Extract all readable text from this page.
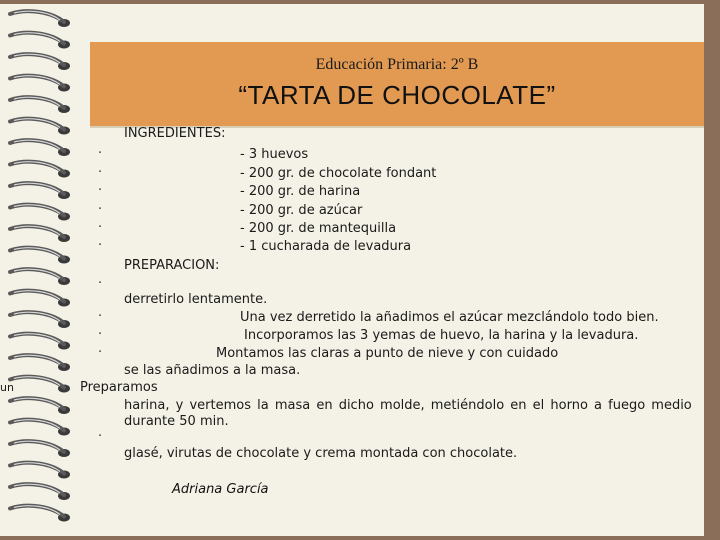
Educación Primaria: 2º B
“TARTA DE CHOCOLATE”
INGREDIENTES:
·
·
·
·
·
·
- 3 huevos
- 200 gr. de chocolate fondant
- 200 gr. de harina
- 200 gr. de azúcar
- 200 gr. de mantequilla
- 1 cucharada de levadura
PREPARACION:
·
derretirlo lentamente.
·	Una vez derretido la añadimos el azúcar mezclándolo todo bien.
·	Incorporamos las 3 yemas de huevo, la harina y la levadura.
·	Montamos las claras a punto de nieve y con cuidado
se las añadimos a la masa.
un	Preparamos
harina, y vertemos la masa en dicho molde, metiéndolo en el horno a fuego medio
durante 50 min.
·
glasé, virutas de chocolate y crema montada con chocolate.
Adriana García
